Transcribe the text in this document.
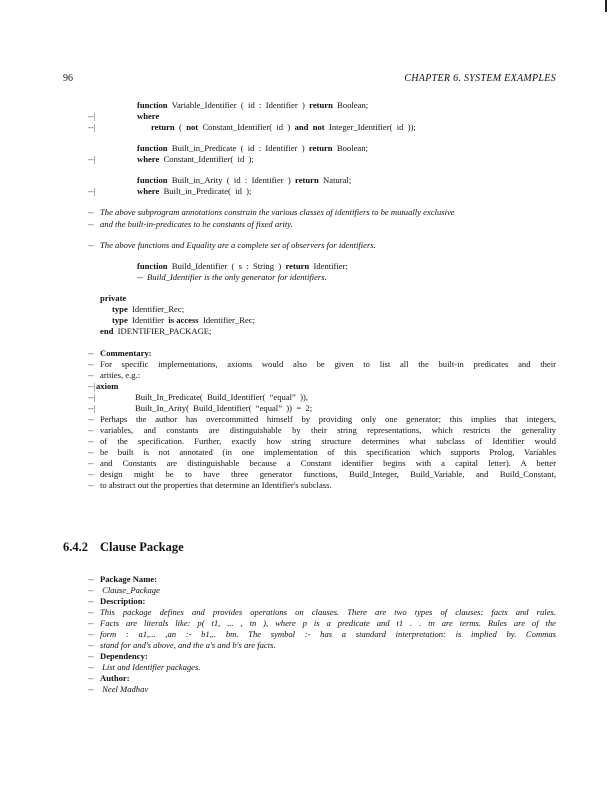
96	CHAPTER 6. SYSTEM EXAMPLES
6.4.2 Clause Package
function  Variable_Identifier  (  id  :  Identifier  )  return  Boolean;
--|	where
--|	return  (  not  Constant_Identifier(  id  )  and not  Integer_Identifier(  id  ));
function  Built_in_Predicate  (  id  :  Identifier  )  return  Boolean;
--|	where  Constant_Identifier(  id  );
function  Built_in_Arity  (  id  :  Identifier  )  return  Natural;
--|	where  Built_in_Predicate(  id  );
-- The above subprogram annotations constrain the various classes of identifiers to be mutually exclusive
-- and the built-in-predicates to be constants of fixed arity.
-- The above functions and Equality are a complete set of observers for identifiers.
function  Build_Identifier  (  s  :  String  )  return  Identifier;
--  Build_Identifier is the only generator for identifiers.
private
type  Identifier_Rec;
type  Identifier  is access  Identifier_Rec;
end  IDENTIFIER_PACKAGE;
-- Commentary:
-- For specific implementations, axioms would also be given to list all the built-in predicates and their
-- arities, e.g.:
--| axiom
--|	Built_In_Predicate(  Build_Identifier(  “equal”  )),
--|	Built_In_Arity(  Build_Identifier(  “equal”  ))  =  2;
-- Perhaps the author has overcommitted himself by providing only one generator; this implies that integers,
-- variables, and constants are distinguishable by their string representations, which restricts the generality
-- of the specification. Further, exactly how string structure determines what subclass of Identifier would
-- be built is not annotated (in one implementation of this specification which supports Prolog, Variables
-- and Constants are distinguishable because a Constant identifier begins with a capital letter). A better
-- design might be to have three generator functions, Build_Integer, Build_Variable, and Build_Constant,
-- to abstract out the properties that determine an Identifier's subclass.
-- Package Name:
-- Clause_Package
-- Description:
-- This package defines and provides operations on clauses. There are two types of clauses: facts and rules.
-- Facts are literals like: p( t1, ... , tn ), where p is a predicate and t1 . . tn are terms. Rules are of the
-- form : a1,... ,an :- b1,.. bm. The symbol :- has a standard interpretation: is implied by. Commas
-- stand for and's above, and the a's and b's are facts.
-- Dependency:
-- List and Identifier packages.
-- Author:
-- Neel Madhav
